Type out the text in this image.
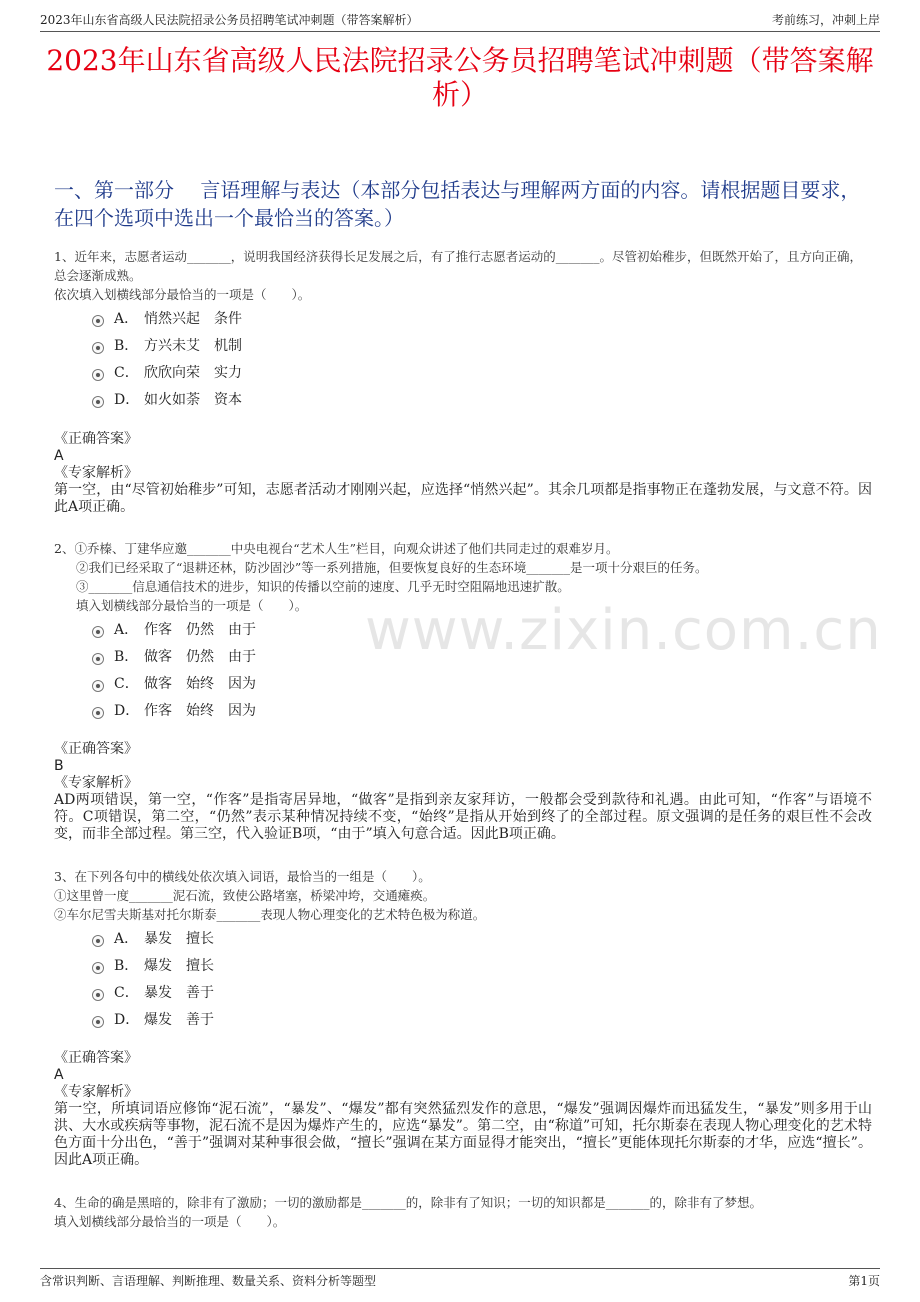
2023年山东省高级人民法院招录公务员招聘笔试冲刺题（带答案解析）	考前练习，冲刺上岸
2023年山东省高级人民法院招录公务员招聘笔试冲刺题（带答案解析）
一、第一部分　 言语理解与表达（本部分包括表达与理解两方面的内容。请根据题目要求，在四个选项中选出一个最恰当的答案。）
www.zixin.com.cn
1、近年来，志愿者运动_______，说明我国经济获得长足发展之后，有了推行志愿者运动的_______。尽管初始稚步，但既然开始了，且方向正确，总会逐渐成熟。
依次填入划横线部分最恰当的一项是（　　）。
A． 悄然兴起 条件
B． 方兴未艾 机制
C． 欣欣向荣 实力
D． 如火如荼 资本
《正确答案》
A
《专家解析》
第一空，由“尽管初始稚步”可知，志愿者活动才刚刚兴起，应选择“悄然兴起”。其余几项都是指事物正在蓬勃发展，与文意不符。因此A项正确。
2、①乔榛、丁建华应邀_______中央电视台“艺术人生”栏目，向观众讲述了他们共同走过的艰难岁月。
②我们已经采取了“退耕还林，防沙固沙”等一系列措施，但要恢复良好的生态环境_______是一项十分艰巨的任务。
③_______信息通信技术的进步，知识的传播以空前的速度、几乎无时空阻隔地迅速扩散。
填入划横线部分最恰当的一项是（　　）。
A． 作客 仍然 由于
B． 做客 仍然 由于
C． 做客 始终 因为
D． 作客 始终 因为
《正确答案》
B
《专家解析》
AD两项错误，第一空，“作客”是指寄居异地，“做客”是指到亲友家拜访，一般都会受到款待和礼遇。由此可知，“作客”与语境不符。C项错误，第二空，“仍然”表示某种情况持续不变，“始终”是指从开始到终了的全部过程。原文强调的是任务的艰巨性不会改变，而非全部过程。第三空，代入验证B项，“由于”填入句意合适。因此B项正确。
3、在下列各句中的横线处依次填入词语，最恰当的一组是（　　）。
①这里曾一度_______泥石流，致使公路堵塞，桥梁冲垮，交通瘫痪。
②车尔尼雪夫斯基对托尔斯泰_______表现人物心理变化的艺术特色极为称道。
A． 暴发 擅长
B． 爆发 擅长
C． 暴发 善于
D． 爆发 善于
《正确答案》
A
《专家解析》
第一空，所填词语应修饰“泥石流”，“暴发”、“爆发”都有突然猛烈发作的意思，“爆发”强调因爆炸而迅猛发生，“暴发”则多用于山洪、大水或疾病等事物，泥石流不是因为爆炸产生的，应选“暴发”。第二空，由“称道”可知，托尔斯泰在表现人物心理变化的艺术特色方面十分出色，“善于”强调对某种事很会做，“擅长”强调在某方面显得才能突出，“擅长”更能体现托尔斯泰的才华，应选“擅长”。因此A项正确。
4、生命的确是黑暗的，除非有了激励；一切的激励都是_______的，除非有了知识；一切的知识都是_______的，除非有了梦想。
填入划横线部分最恰当的一项是（　　）。
含常识判断、言语理解、判断推理、数量关系、资料分析等题型	第1页
